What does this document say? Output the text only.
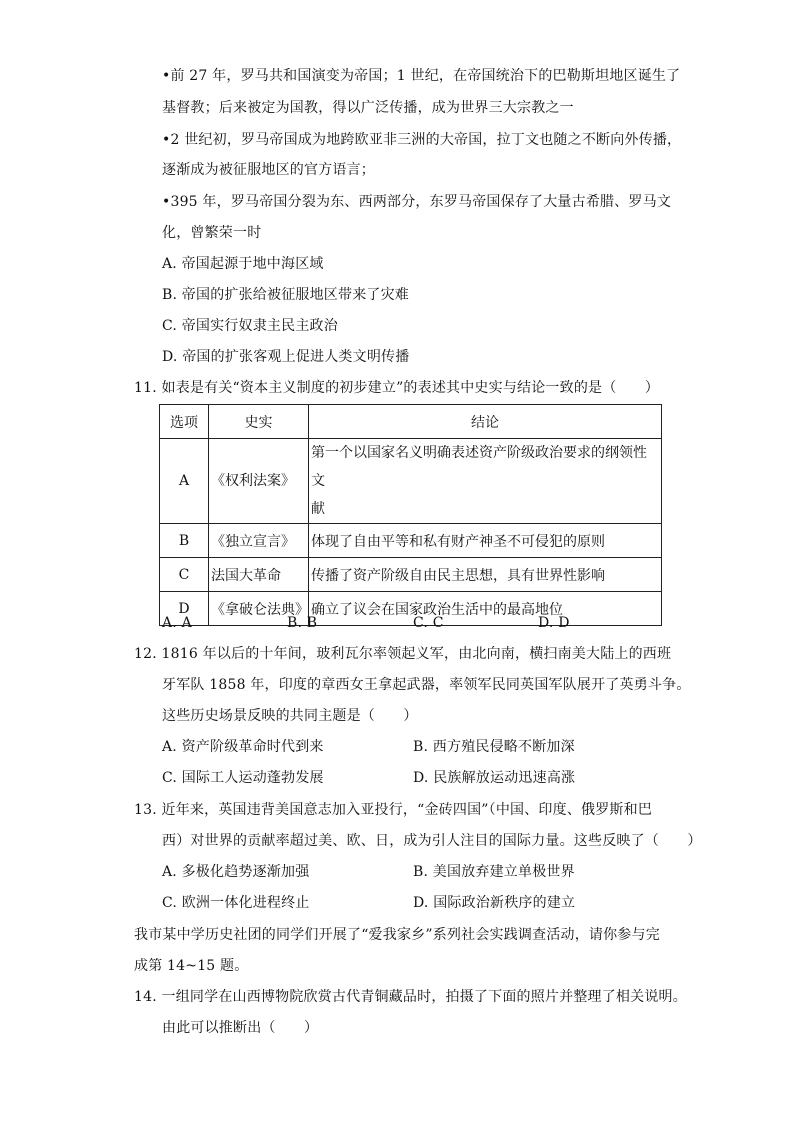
•前 27 年，罗马共和国演变为帝国；1 世纪，在帝国统治下的巴勒斯坦地区诞生了
基督教；后来被定为国教，得以广泛传播，成为世界三大宗教之一
•2 世纪初，罗马帝国成为地跨欧亚非三洲的大帝国，拉丁文也随之不断向外传播，
逐渐成为被征服地区的官方语言；
•395 年，罗马帝国分裂为东、西两部分，东罗马帝国保存了大量古希腊、罗马文
化，曾繁荣一时
A. 帝国起源于地中海区域
B. 帝国的扩张给被征服地区带来了灾难
C. 帝国实行奴隶主民主政治
D. 帝国的扩张客观上促进人类文明传播
11. 如表是有关“资本主义制度的初步建立”的表述其中史实与结论一致的是（　　）
选项	史实	结论
A	《权利法案》	第一个以国家名义明确表述资产阶级政治要求的纲领性文
献
B	《独立宣言》	体现了自由平等和私有财产神圣不可侵犯的原则
C	法国大革命	传播了资产阶级自由民主思想，具有世界性影响
D	《拿破仑法典》	确立了议会在国家政治生活中的最高地位
A. A	B. B	C. C	D. D
12. 1816 年以后的十年间，玻利瓦尔率领起义军，由北向南，横扫南美大陆上的西班
牙军队 1858 年，印度的章西女王拿起武器，率领军民同英国军队展开了英勇斗争。
这些历史场景反映的共同主题是（　　）
A. 资产阶级革命时代到来	B. 西方殖民侵略不断加深
C. 国际工人运动蓬勃发展	D. 民族解放运动迅速高涨
13. 近年来，英国违背美国意志加入亚投行，“金砖四国”（中国、印度、俄罗斯和巴
西）对世界的贡献率超过美、欧、日，成为引人注目的国际力量。这些反映了（　　）
A. 多极化趋势逐渐加强	B. 美国放弃建立单极世界
C. 欧洲一体化进程终止	D. 国际政治新秩序的建立
我市某中学历史社团的同学们开展了“爱我家乡”系列社会实践调查活动，请你参与完
成第 14~15 题。
14. 一组同学在山西博物院欣赏古代青铜藏品时，拍摄了下面的照片并整理了相关说明。
由此可以推断出（　　）
